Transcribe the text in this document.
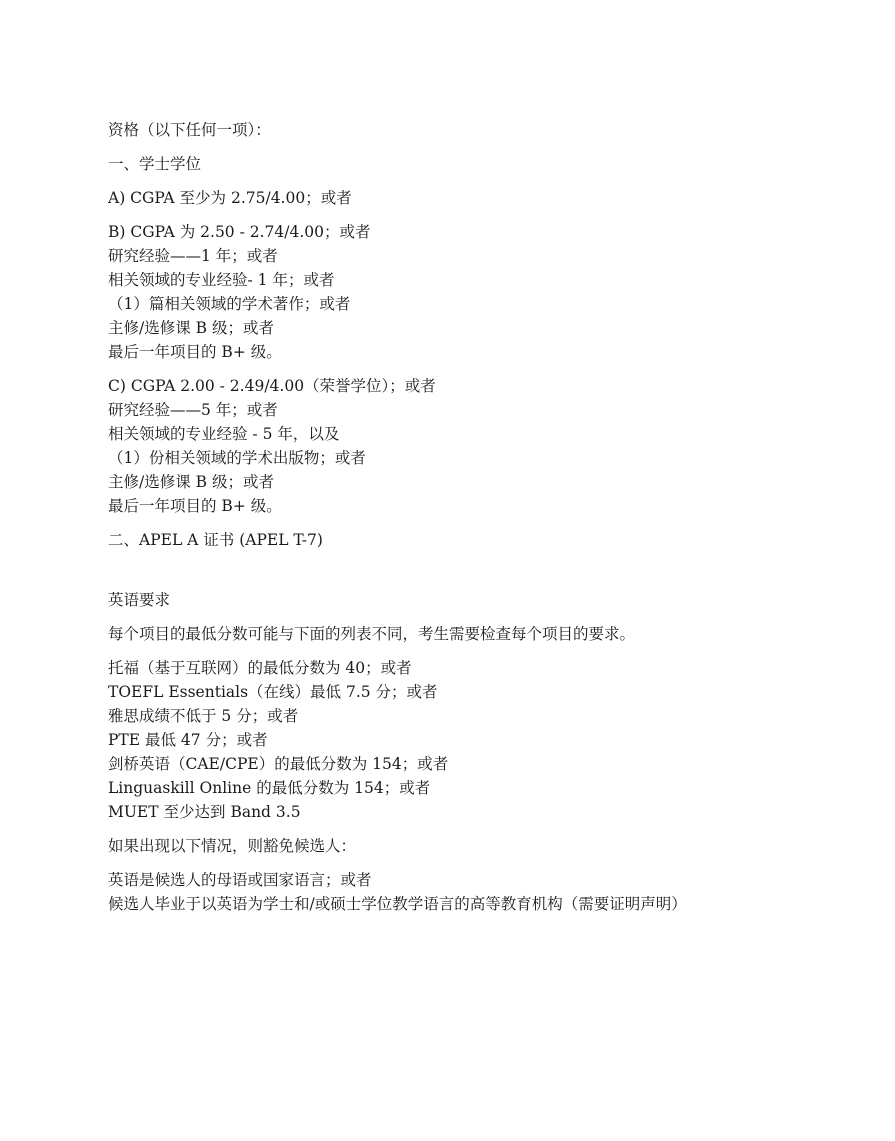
资格（以下任何一项）：

一、学士学位

A) CGPA 至少为 2.75/4.00；或者

B) CGPA 为 2.50 - 2.74/4.00；或者
研究经验——1 年；或者
相关领域的专业经验- 1 年；或者
（1）篇相关领域的学术著作；或者
主修/选修课 B 级；或者
最后一年项目的 B+ 级。

C) CGPA 2.00 - 2.49/4.00（荣誉学位）；或者
研究经验——5 年；或者
相关领域的专业经验 - 5 年，以及
（1）份相关领域的学术出版物；或者
主修/选修课 B 级；或者
最后一年项目的 B+ 级。

二、APEL A 证书 (APEL T-7)

英语要求

每个项目的最低分数可能与下面的列表不同，考生需要检查每个项目的要求。

托福（基于互联网）的最低分数为 40；或者
TOEFL Essentials（在线）最低 7.5 分；或者
雅思成绩不低于 5 分；或者
PTE 最低 47 分；或者
剑桥英语（CAE/CPE）的最低分数为 154；或者
Linguaskill Online 的最低分数为 154；或者
MUET 至少达到 Band 3.5

如果出现以下情况，则豁免候选人：

英语是候选人的母语或国家语言；或者
候选人毕业于以英语为学士和/或硕士学位教学语言的高等教育机构（需要证明声明）
